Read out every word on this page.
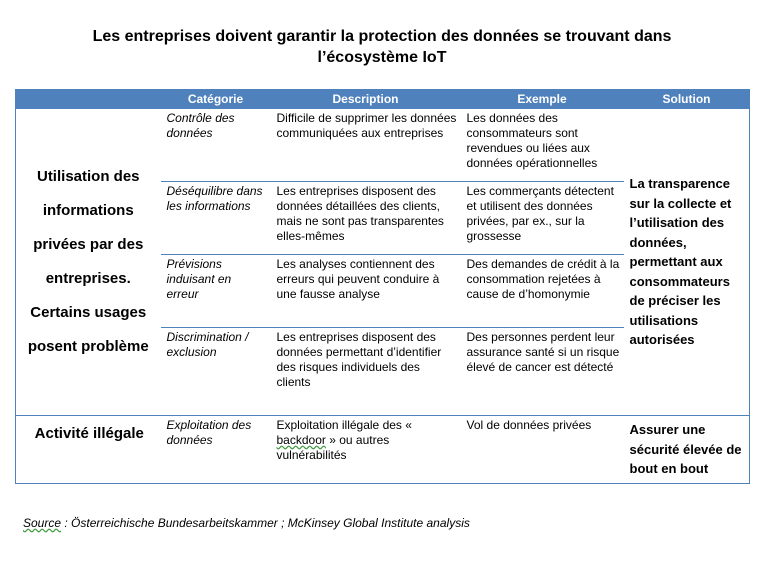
Les entreprises doivent garantir la protection des données se trouvant dans
l’écosystème IoT
	Catégorie	Description	Exemple	Solution
Utilisation des informations privées par des entreprises. Certains usages posent problème	Contrôle des données	Difficile de supprimer les données communiquées aux entreprises	Les données des consommateurs sont revendues ou liées aux données opérationnelles	La transparence sur la collecte et l’utilisation des données, permettant aux consommateurs de préciser les utilisations autorisées
	Déséquilibre dans les informations	Les entreprises disposent des données détaillées des clients, mais ne sont pas transparentes elles-mêmes	Les commerçants détectent et utilisent des données privées, par ex., sur la grossesse	
	Prévisions induisant en erreur	Les analyses contiennent des erreurs qui peuvent conduire à une fausse analyse	Des demandes de crédit à la consommation rejetées à cause de d’homonymie	
	Discrimination / exclusion	Les entreprises disposent des données permettant d’identifier des risques individuels des clients	Des personnes perdent leur assurance santé si un risque élevé de cancer est détecté	
Activité illégale	Exploitation des données	Exploitation illégale des « backdoor » ou autres vulnérabilités	Vol de données privées	Assurer une sécurité élevée de bout en bout
Source : Österreichische Bundesarbeitskammer ; McKinsey Global Institute analysis
